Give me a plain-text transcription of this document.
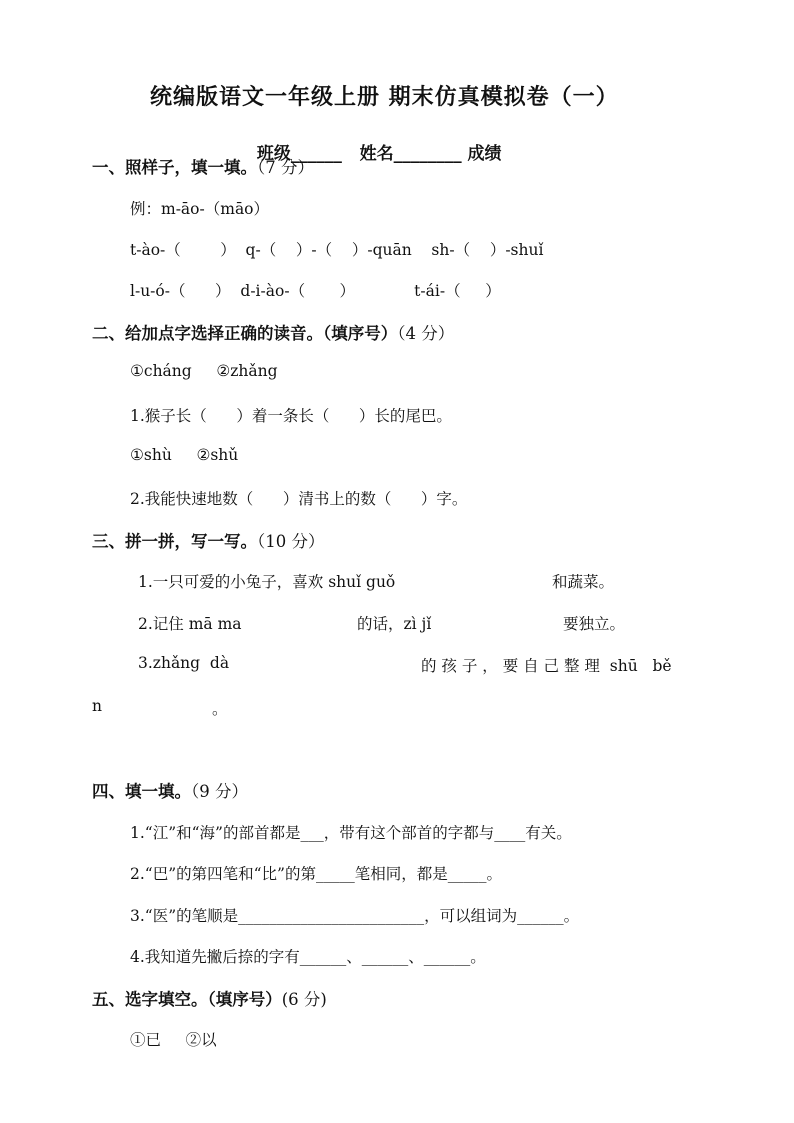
统编版语文一年级上册 期末仿真模拟卷（一）

班级______ 姓名________ 成绩

一、照样子，填一填。（7 分）
例：m-āo-（māo）
t-ào-（        ）  q-（    ）-（    ）-quān    sh-（    ）-shuǐ
l-u-ó-（      ）  d-i-ào-（       ）            t-ái-（     ）
二、给加点字选择正确的读音。（填序号）（4 分）
①cháng     ②zhǎng
1.猴子长（      ）着一条长（      ）长的尾巴。
①shù     ②shǔ
2.我能快速地数（      ）清书上的数（      ）字。
三、拼一拼，写一写。（10 分）
1.一只可爱的小兔子，喜欢 shuǐ guǒ	和蔬菜。
2.记住 mā ma	的话，zì jǐ	要独立。
3.zhǎng  dà	的 孩 子 ， 要 自 己 整 理  shū   bě
n	。
四、填一填。（9 分）
1.“江”和“海”的部首都是___，带有这个部首的字都与____有关。
2.“巴”的第四笔和“比”的第_____笔相同，都是_____。
3.“医”的笔顺是________________________，可以组词为______。
4.我知道先撇后捺的字有______、______、______。
五、选字填空。（填序号）(6 分)
①已     ②以
